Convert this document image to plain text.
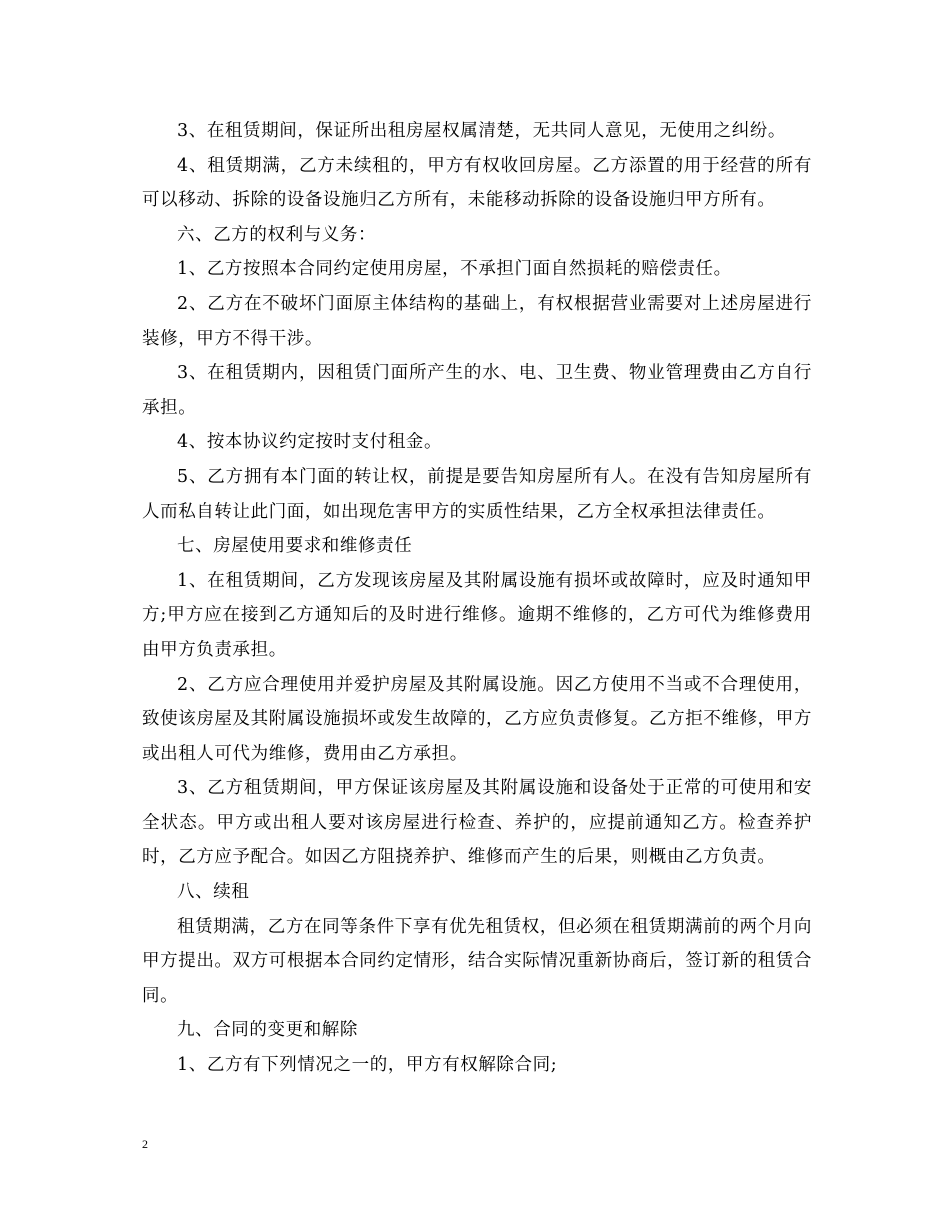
3、在租赁期间，保证所出租房屋权属清楚，无共同人意见，无使用之纠纷。

4、租赁期满，乙方未续租的，甲方有权收回房屋。乙方添置的用于经营的所有可以移动、拆除的设备设施归乙方所有，未能移动拆除的设备设施归甲方所有。

六、乙方的权利与义务：

1、乙方按照本合同约定使用房屋，不承担门面自然损耗的赔偿责任。

2、乙方在不破坏门面原主体结构的基础上，有权根据营业需要对上述房屋进行装修，甲方不得干涉。

3、在租赁期内，因租赁门面所产生的水、电、卫生费、物业管理费由乙方自行承担。

4、按本协议约定按时支付租金。

5、乙方拥有本门面的转让权，前提是要告知房屋所有人。在没有告知房屋所有人而私自转让此门面，如出现危害甲方的实质性结果，乙方全权承担法律责任。

七、房屋使用要求和维修责任

1、在租赁期间，乙方发现该房屋及其附属设施有损坏或故障时，应及时通知甲方;甲方应在接到乙方通知后的及时进行维修。逾期不维修的，乙方可代为维修费用由甲方负责承担。

2、乙方应合理使用并爱护房屋及其附属设施。因乙方使用不当或不合理使用，致使该房屋及其附属设施损坏或发生故障的，乙方应负责修复。乙方拒不维修，甲方或出租人可代为维修，费用由乙方承担。

3、乙方租赁期间，甲方保证该房屋及其附属设施和设备处于正常的可使用和安全状态。甲方或出租人要对该房屋进行检查、养护的，应提前通知乙方。检查养护时，乙方应予配合。如因乙方阻挠养护、维修而产生的后果，则概由乙方负责。

八、续租

租赁期满，乙方在同等条件下享有优先租赁权，但必须在租赁期满前的两个月向甲方提出。双方可根据本合同约定情形，结合实际情况重新协商后，签订新的租赁合同。

九、合同的变更和解除

1、乙方有下列情况之一的，甲方有权解除合同;

2
